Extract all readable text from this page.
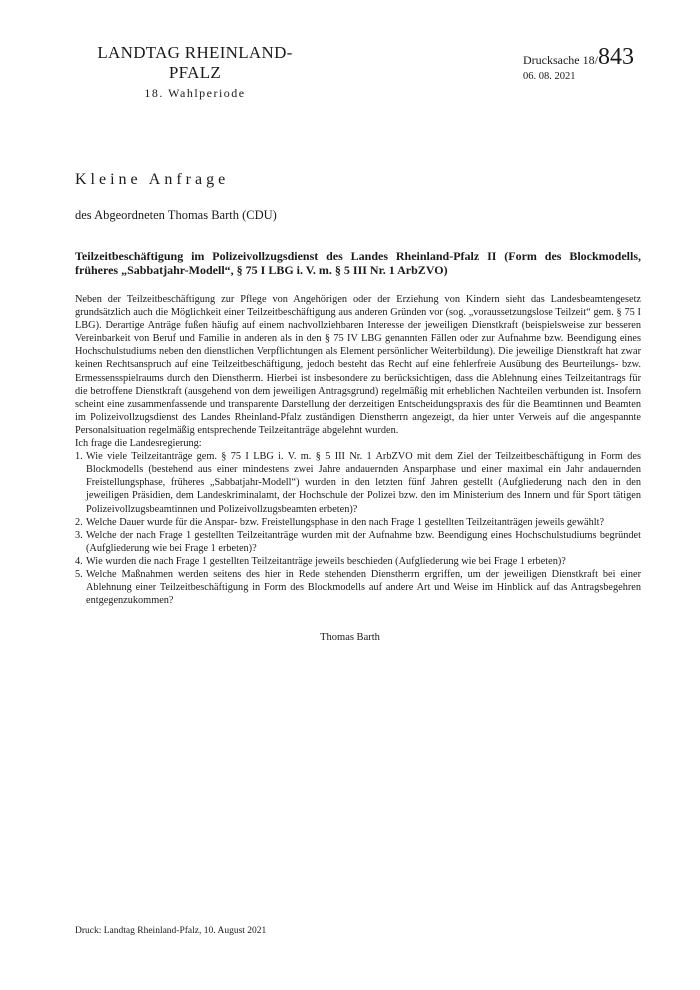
LANDTAG RHEINLAND-PFALZ
18. Wahlperiode
Drucksache 18/ 843
06. 08. 2021
Kleine Anfrage
des Abgeordneten Thomas Barth (CDU)
Teilzeitbeschäftigung im Polizeivollzugsdienst des Landes Rheinland-Pfalz II (Form des Blockmodells, früheres „Sabbatjahr-Modell“, § 75 I LBG i. V. m. § 5 III Nr. 1 ArbZVO)

Neben der Teilzeitbeschäftigung zur Pflege von Angehörigen oder der Erziehung von Kindern sieht das Landesbeamtengesetz grundsätzlich auch die Möglichkeit einer Teilzeitbeschäftigung aus anderen Gründen vor (sog. „voraussetzungslose Teilzeit“ gem. § 75 I LBG). Derartige Anträge fußen häufig auf einem nachvollziehbaren Interesse der jeweiligen Dienstkraft (beispielsweise zur besseren Vereinbarkeit von Beruf und Familie in anderen als in den § 75 IV LBG genannten Fällen oder zur Aufnahme bzw. Beendigung eines Hochschulstudiums neben den dienstlichen Verpflichtungen als Element persönlicher Weiterbildung). Die jeweilige Dienstkraft hat zwar keinen Rechtsanspruch auf eine Teilzeitbeschäftigung, jedoch besteht das Recht auf eine fehlerfreie Ausübung des Beurteilungs- bzw. Ermessensspielraums durch den Dienstherrn. Hierbei ist insbesondere zu berücksichtigen, dass die Ablehnung eines Teilzeitantrags für die betroffene Dienstkraft (ausgehend von dem jeweiligen Antragsgrund) regelmäßig mit erheblichen Nachteilen verbunden ist. Insofern scheint eine zusammenfassende und transparente Darstellung der derzeitigen Entscheidungspraxis des für die Beamtinnen und Beamten im Polizeivollzugsdienst des Landes Rheinland-Pfalz zuständigen Dienstherrn angezeigt, da hier unter Verweis auf die angespannte Personalsituation regelmäßig entsprechende Teilzeitanträge abgelehnt wurden.

Ich frage die Landesregierung:

1. Wie viele Teilzeitanträge gem. § 75 I LBG i. V. m. § 5 III Nr. 1 ArbZVO mit dem Ziel der Teilzeitbeschäftigung in Form des Blockmodells (bestehend aus einer mindestens zwei Jahre andauernden Ansparphase und einer maximal ein Jahr andauernden Freistellungsphase, früheres „Sabbatjahr-Modell“) wurden in den letzten fünf Jahren gestellt (Aufgliederung nach den in den jeweiligen Präsidien, dem Landeskriminalamt, der Hochschule der Polizei bzw. den im Ministerium des Innern und für Sport tätigen Polizeivollzugsbeamtinnen und Polizeivollzugsbeamten erbeten)?
2. Welche Dauer wurde für die Anspar- bzw. Freistellungsphase in den nach Frage 1 gestellten Teilzeitanträgen jeweils gewählt?
3. Welche der nach Frage 1 gestellten Teilzeitanträge wurden mit der Aufnahme bzw. Beendigung eines Hochschulstudiums begründet (Aufgliederung wie bei Frage 1 erbeten)?
4. Wie wurden die nach Frage 1 gestellten Teilzeitanträge jeweils beschieden (Aufgliederung wie bei Frage 1 erbeten)?
5. Welche Maßnahmen werden seitens des hier in Rede stehenden Dienstherrn ergriffen, um der jeweiligen Dienstkraft bei einer Ablehnung einer Teilzeitbeschäftigung in Form des Blockmodells auf andere Art und Weise im Hinblick auf das Antragsbegehren entgegenzukommen?
Thomas Barth
Druck: Landtag Rheinland-Pfalz, 10. August 2021
